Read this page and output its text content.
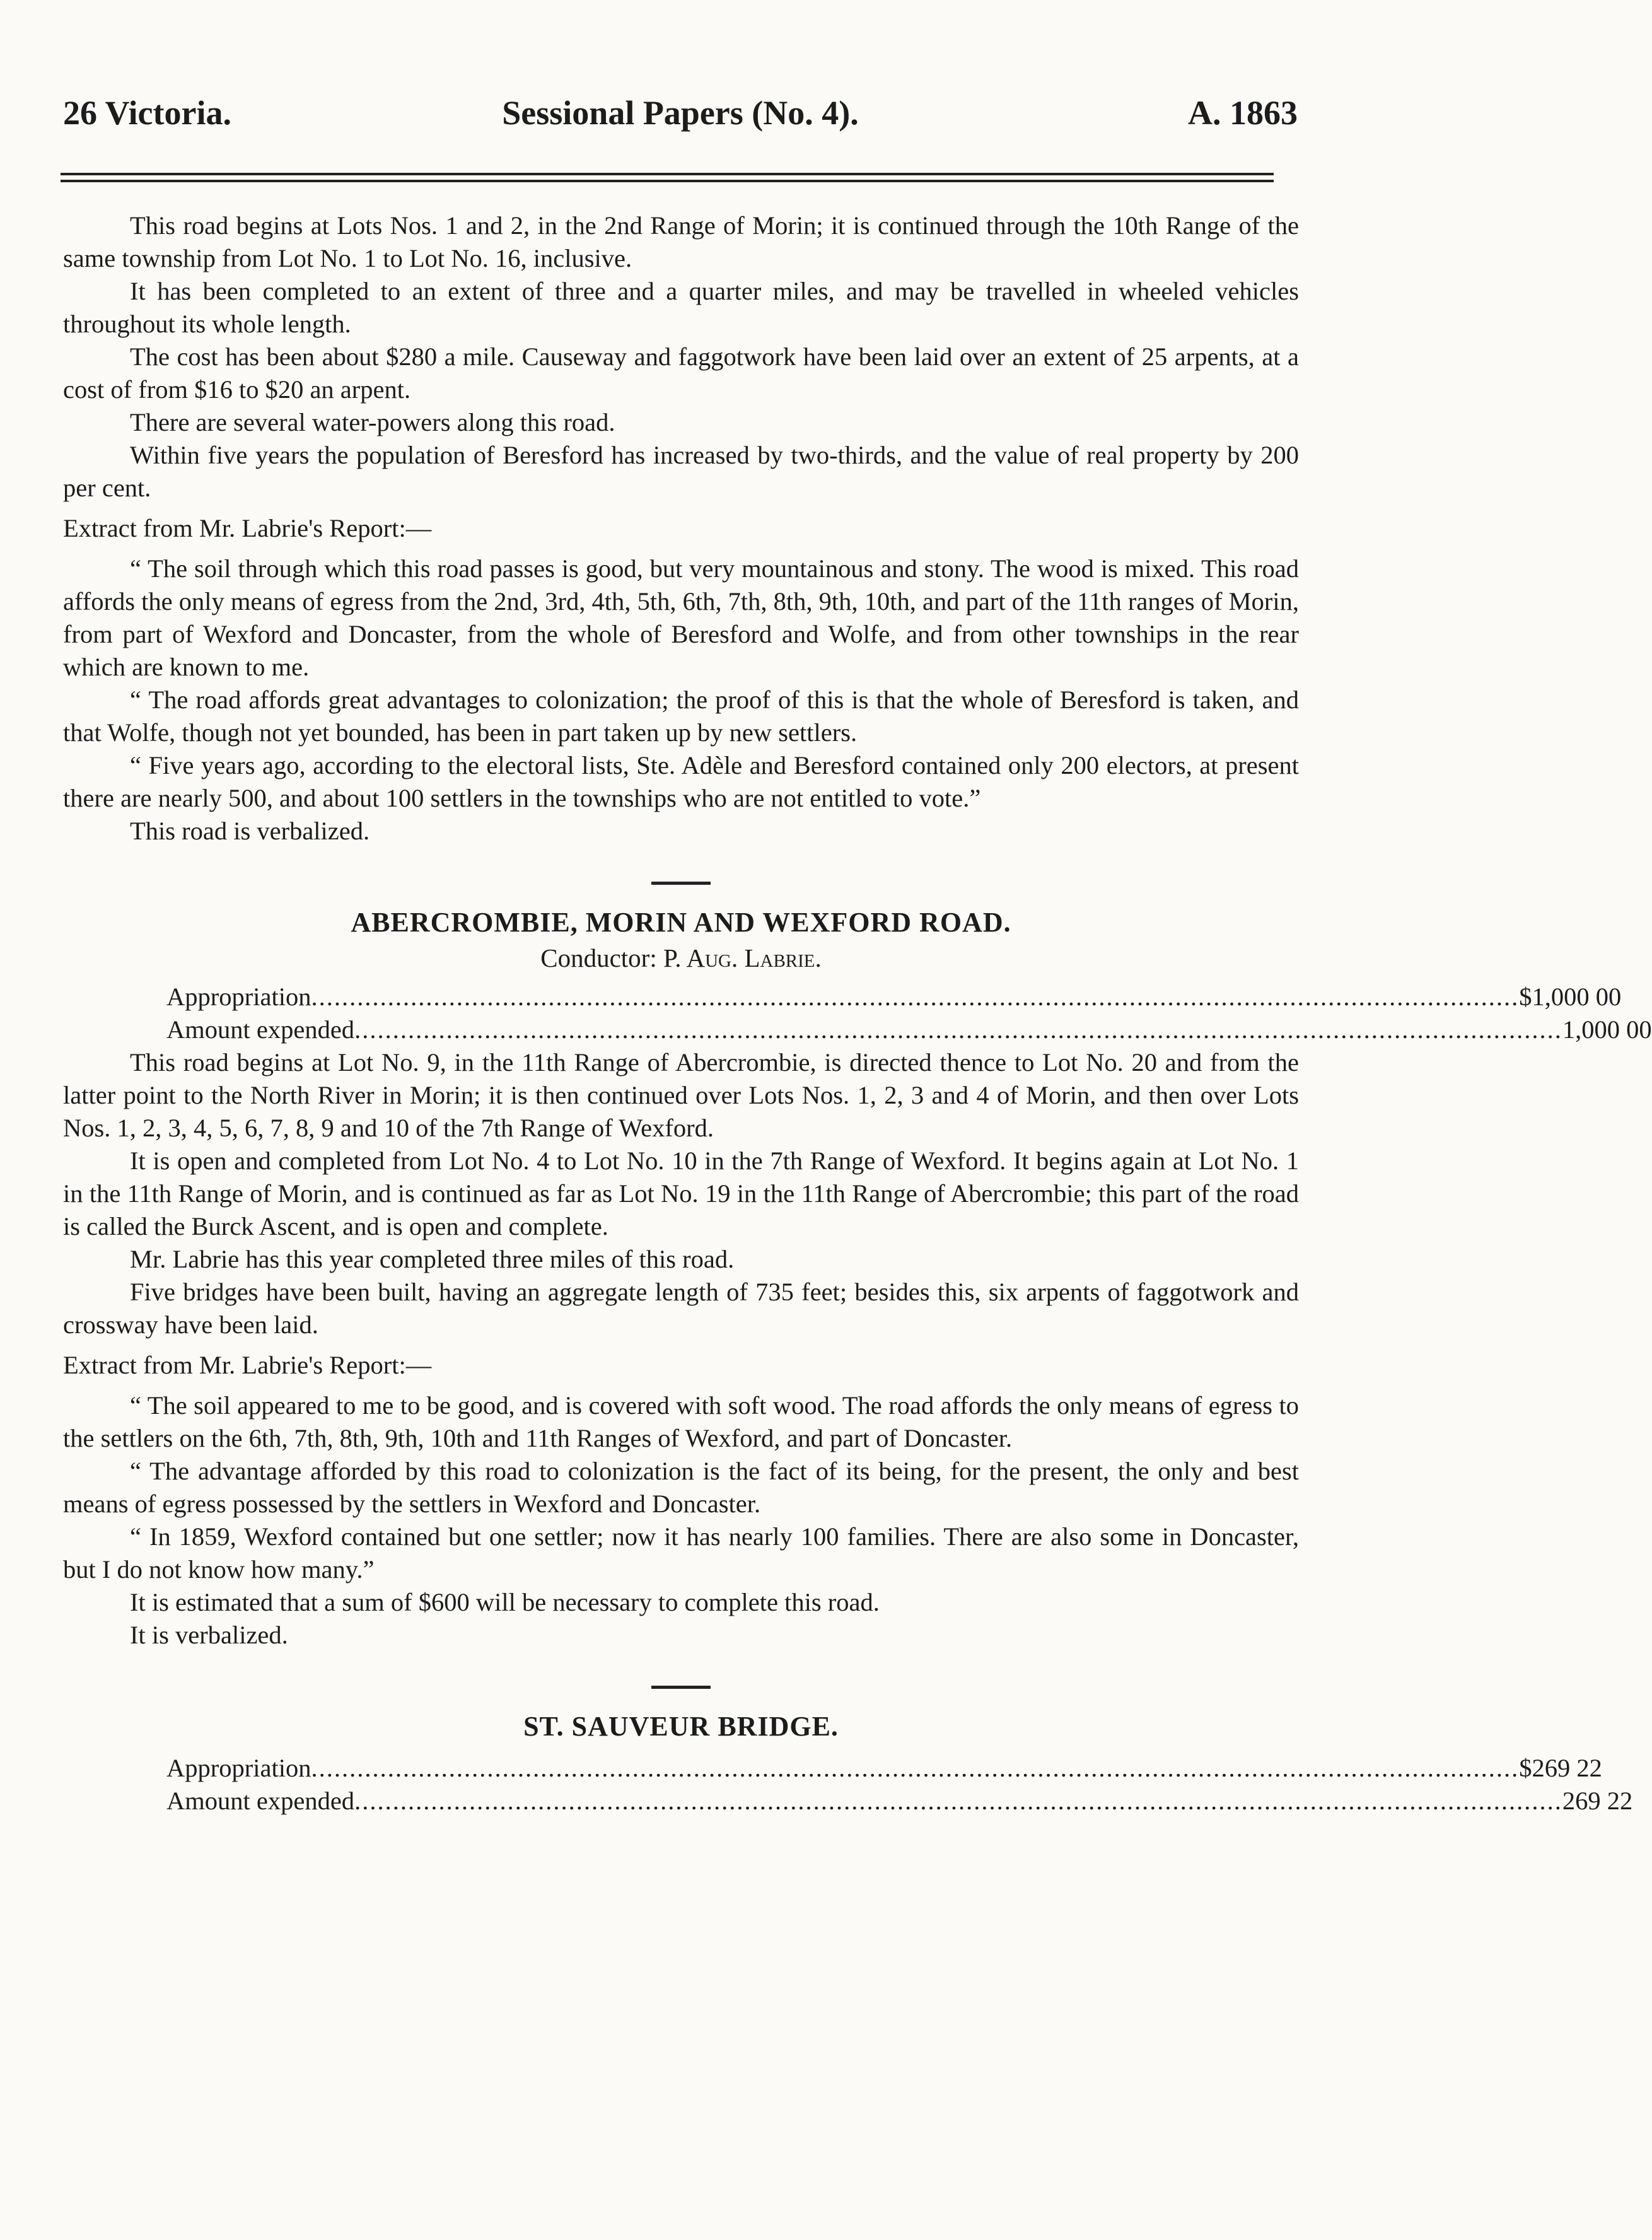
26 Victoria.	Sessional Papers (No. 4).	A. 1863

This road begins at Lots Nos. 1 and 2, in the 2nd Range of Morin; it is continued through the 10th Range of the same township from Lot No. 1 to Lot No. 16, inclusive.

It has been completed to an extent of three and a quarter miles, and may be travelled in wheeled vehicles throughout its whole length.

The cost has been about $280 a mile. Causeway and faggotwork have been laid over an extent of 25 arpents, at a cost of from $16 to $20 an arpent.

There are several water-powers along this road.

Within five years the population of Beresford has increased by two-thirds, and the value of real property by 200 per cent.

Extract from Mr. Labrie's Report:—

“ The soil through which this road passes is good, but very mountainous and stony. The wood is mixed. This road affords the only means of egress from the 2nd, 3rd, 4th, 5th, 6th, 7th, 8th, 9th, 10th, and part of the 11th ranges of Morin, from part of Wexford and Doncaster, from the whole of Beresford and Wolfe, and from other townships in the rear which are known to me.

“ The road affords great advantages to colonization; the proof of this is that the whole of Beresford is taken, and that Wolfe, though not yet bounded, has been in part taken up by new settlers.

“ Five years ago, according to the electoral lists, Ste. Adèle and Beresford contained only 200 electors, at present there are nearly 500, and about 100 settlers in the townships who are not entitled to vote.”

This road is verbalized.

ABERCROMBIE, MORIN AND WEXFORD ROAD.
Conductor: P. Aug. Labrie.
Appropriation .............................................................................................................................................................. $1,000 00
Amount expended .............................................................................................................................................................. 1,000 00

This road begins at Lot No. 9, in the 11th Range of Abercrombie, is directed thence to Lot No. 20 and from the latter point to the North River in Morin; it is then continued over Lots Nos. 1, 2, 3 and 4 of Morin, and then over Lots Nos. 1, 2, 3, 4, 5, 6, 7, 8, 9 and 10 of the 7th Range of Wexford.

It is open and completed from Lot No. 4 to Lot No. 10 in the 7th Range of Wexford. It begins again at Lot No. 1 in the 11th Range of Morin, and is continued as far as Lot No. 19 in the 11th Range of Abercrombie; this part of the road is called the Burck Ascent, and is open and complete.

Mr. Labrie has this year completed three miles of this road.

Five bridges have been built, having an aggregate length of 735 feet; besides this, six arpents of faggotwork and crossway have been laid.

Extract from Mr. Labrie's Report:—

“ The soil appeared to me to be good, and is covered with soft wood. The road affords the only means of egress to the settlers on the 6th, 7th, 8th, 9th, 10th and 11th Ranges of Wexford, and part of Doncaster.

“ The advantage afforded by this road to colonization is the fact of its being, for the present, the only and best means of egress possessed by the settlers in Wexford and Doncaster.

“ In 1859, Wexford contained but one settler; now it has nearly 100 families. There are also some in Doncaster, but I do not know how many.”

It is estimated that a sum of $600 will be necessary to complete this road.

It is verbalized.

ST. SAUVEUR BRIDGE.
Appropriation .............................................................................................................................................................. $269 22
Amount expended .............................................................................................................................................................. 269 22
